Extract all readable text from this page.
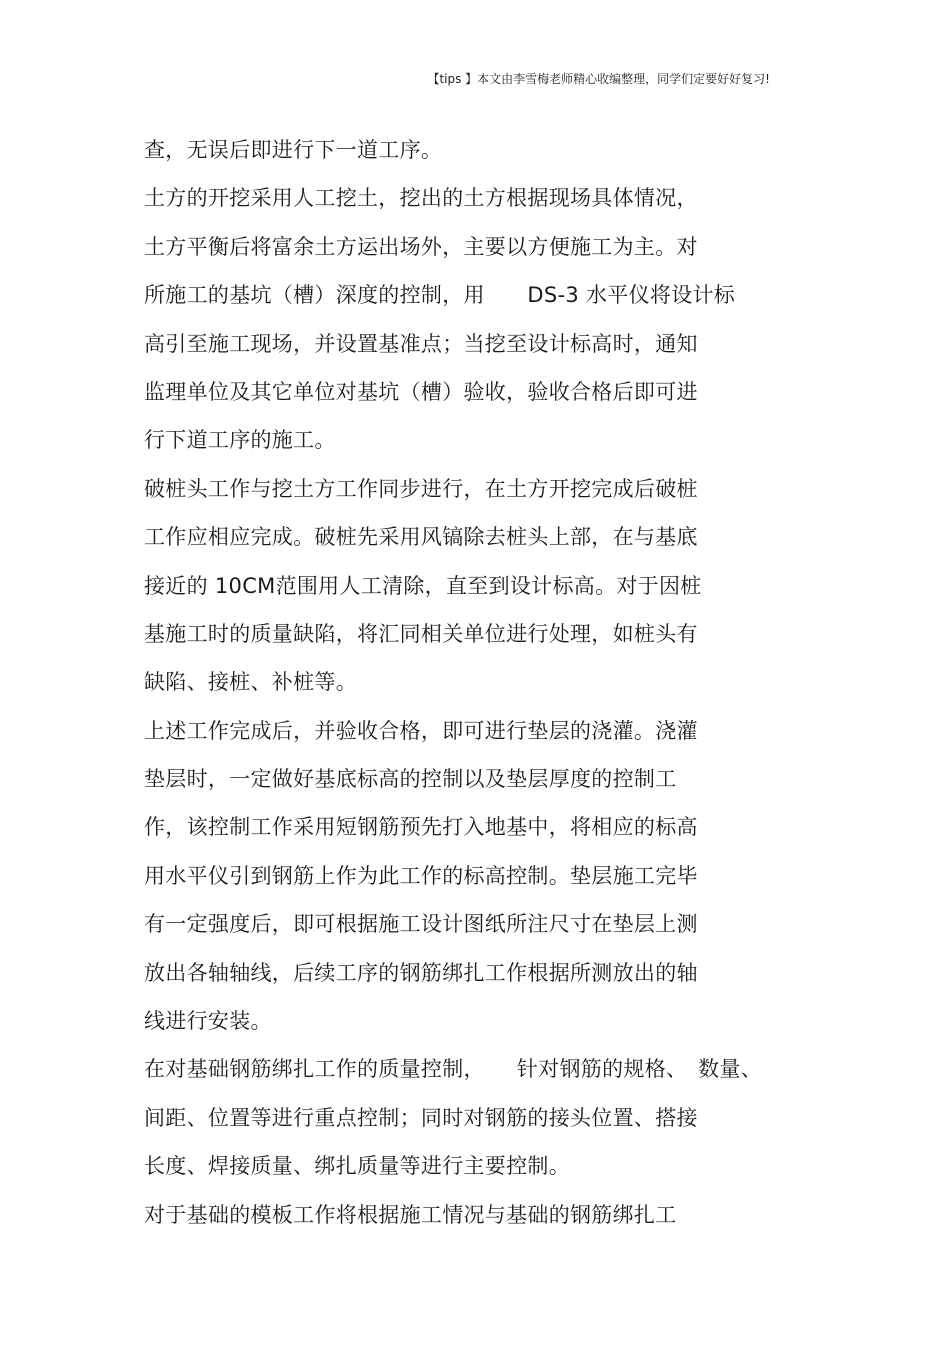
【tips 】本文由李雪梅老师精心收编整理，同学们定要好好复习!
查，无误后即进行下一道工序。
土方的开挖采用人工挖土，挖出的土方根据现场具体情况，
土方平衡后将富余土方运出场外，主要以方便施工为主。对
所施工的基坑（槽）深度的控制，用　　DS-3 水平仪将设计标
高引至施工现场，并设置基准点；当挖至设计标高时，通知
监理单位及其它单位对基坑（槽）验收，验收合格后即可进
行下道工序的施工。
破桩头工作与挖土方工作同步进行，在土方开挖完成后破桩
工作应相应完成。破桩先采用风镐除去桩头上部，在与基底
接近的 10CM范围用人工清除，直至到设计标高。对于因桩
基施工时的质量缺陷，将汇同相关单位进行处理，如桩头有
缺陷、接桩、补桩等。
上述工作完成后，并验收合格，即可进行垫层的浇灌。浇灌
垫层时，一定做好基底标高的控制以及垫层厚度的控制工
作，该控制工作采用短钢筋预先打入地基中，将相应的标高
用水平仪引到钢筋上作为此工作的标高控制。垫层施工完毕
有一定强度后，即可根据施工设计图纸所注尺寸在垫层上测
放出各轴轴线，后续工序的钢筋绑扎工作根据所测放出的轴
线进行安装。
在对基础钢筋绑扎工作的质量控制，　　针对钢筋的规格、　数量、
间距、位置等进行重点控制；同时对钢筋的接头位置、搭接
长度、焊接质量、绑扎质量等进行主要控制。
对于基础的模板工作将根据施工情况与基础的钢筋绑扎工
